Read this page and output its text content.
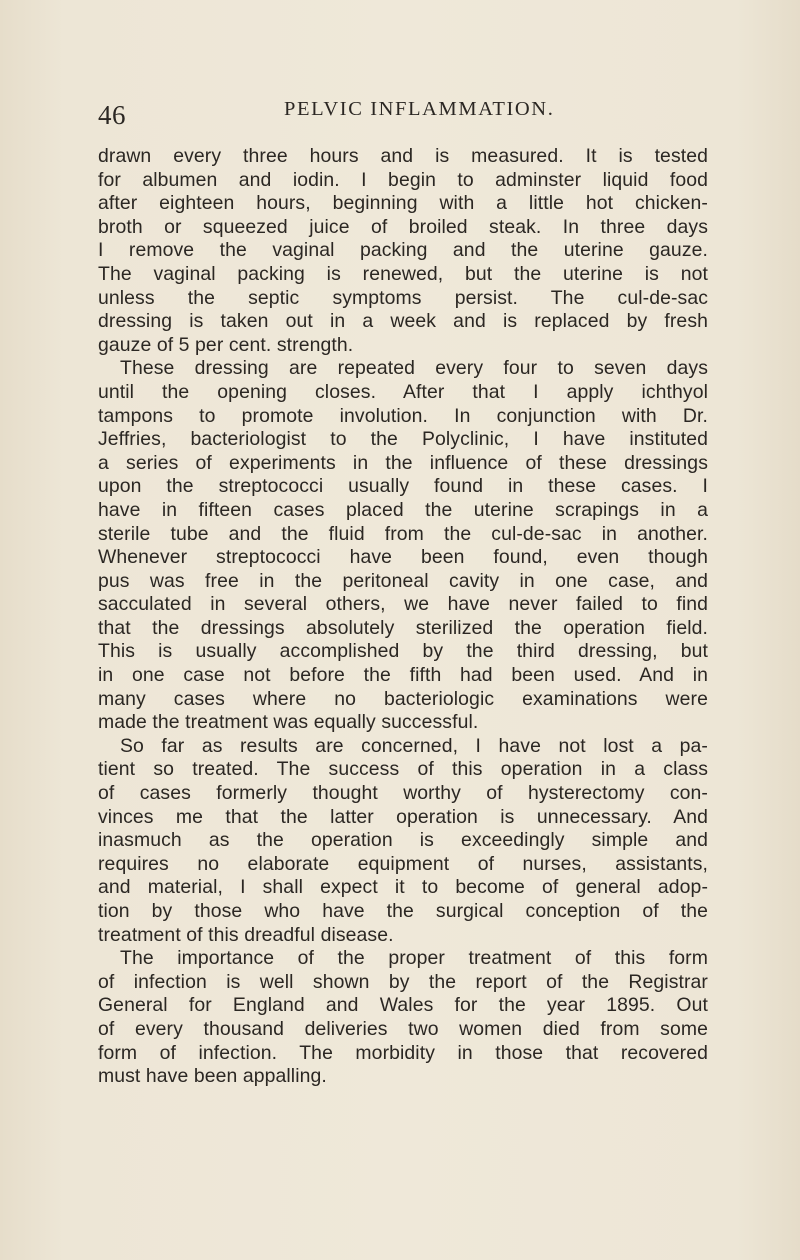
46	PELVIC INFLAMMATION.
drawn every three hours and is measured. It is tested
for albumen and iodin. I begin to adminster liquid food
after eighteen hours, beginning with a little hot chicken-
broth or squeezed juice of broiled steak. In three days
I remove the vaginal packing and the uterine gauze.
The vaginal packing is renewed, but the uterine is not
unless the septic symptoms persist. The cul-de-sac
dressing is taken out in a week and is replaced by fresh
gauze of 5 per cent. strength.
These dressing are repeated every four to seven days
until the opening closes. After that I apply ichthyol
tampons to promote involution. In conjunction with Dr.
Jeffries, bacteriologist to the Polyclinic, I have instituted
a series of experiments in the influence of these dressings
upon the streptococci usually found in these cases. I
have in fifteen cases placed the uterine scrapings in a
sterile tube and the fluid from the cul-de-sac in another.
Whenever streptococci have been found, even though
pus was free in the peritoneal cavity in one case, and
sacculated in several others, we have never failed to find
that the dressings absolutely sterilized the operation field.
This is usually accomplished by the third dressing, but
in one case not before the fifth had been used. And in
many cases where no bacteriologic examinations were
made the treatment was equally successful.
So far as results are concerned, I have not lost a pa-
tient so treated. The success of this operation in a class
of cases formerly thought worthy of hysterectomy con-
vinces me that the latter operation is unnecessary. And
inasmuch as the operation is exceedingly simple and
requires no elaborate equipment of nurses, assistants,
and material, I shall expect it to become of general adop-
tion by those who have the surgical conception of the
treatment of this dreadful disease.
The importance of the proper treatment of this form
of infection is well shown by the report of the Registrar
General for England and Wales for the year 1895. Out
of every thousand deliveries two women died from some
form of infection. The morbidity in those that recovered
must have been appalling.
